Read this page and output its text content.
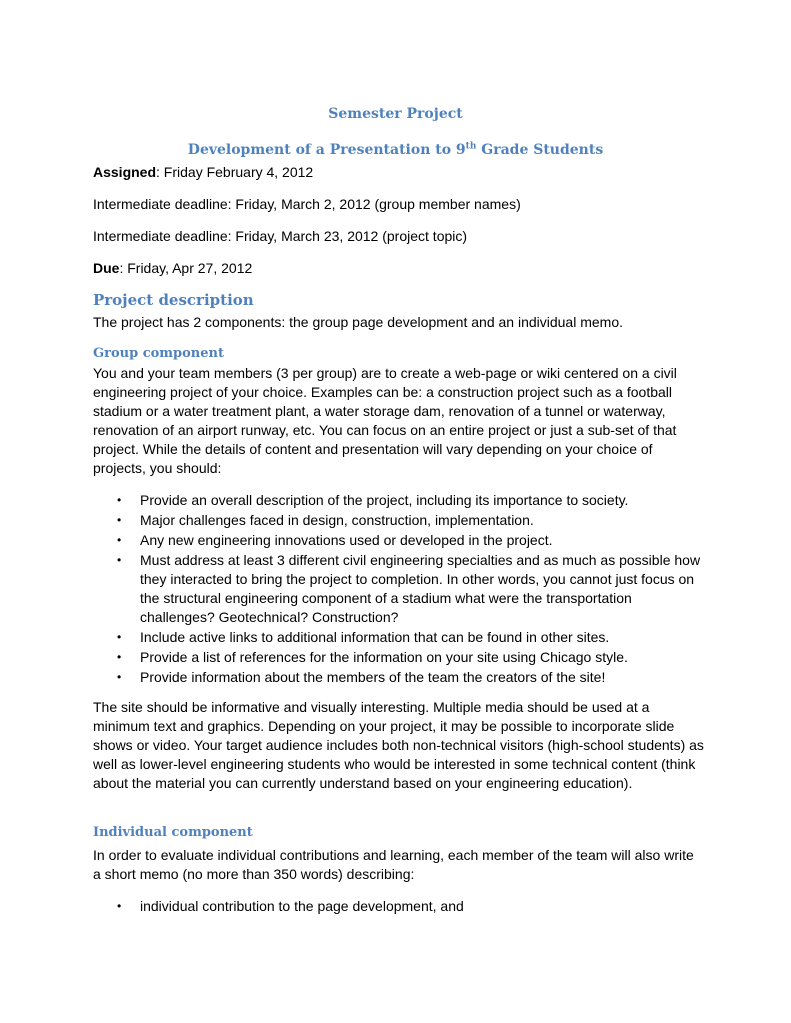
Semester Project
Development of a Presentation to 9th Grade Students

Assigned: Friday February 4, 2012

Intermediate deadline: Friday, March 2, 2012 (group member names)

Intermediate deadline: Friday, March 23, 2012 (project topic)

Due: Friday, Apr 27, 2012

Project description

The project has 2 components: the group page development and an individual memo.

Group component

You and your team members (3 per group) are to create a web-page or wiki centered on a civil engineering project of your choice. Examples can be: a construction project such as a football stadium or a water treatment plant, a water storage dam, renovation of a tunnel or waterway, renovation of an airport runway, etc. You can focus on an entire project or just a sub-set of that project. While the details of content and presentation will vary depending on your choice of projects, you should:

• Provide an overall description of the project, including its importance to society.
• Major challenges faced in design, construction, implementation.
• Any new engineering innovations used or developed in the project.
• Must address at least 3 different civil engineering specialties and as much as possible how they interacted to bring the project to completion. In other words, you cannot just focus on the structural engineering component of a stadium what were the transportation challenges? Geotechnical? Construction?
• Include active links to additional information that can be found in other sites.
• Provide a list of references for the information on your site using Chicago style.
• Provide information about the members of the team the creators of the site!

The site should be informative and visually interesting. Multiple media should be used at a minimum text and graphics. Depending on your project, it may be possible to incorporate slide shows or video. Your target audience includes both non-technical visitors (high-school students) as well as lower-level engineering students who would be interested in some technical content (think about the material you can currently understand based on your engineering education).

Individual component

In order to evaluate individual contributions and learning, each member of the team will also write a short memo (no more than 350 words) describing:

• individual contribution to the page development, and
